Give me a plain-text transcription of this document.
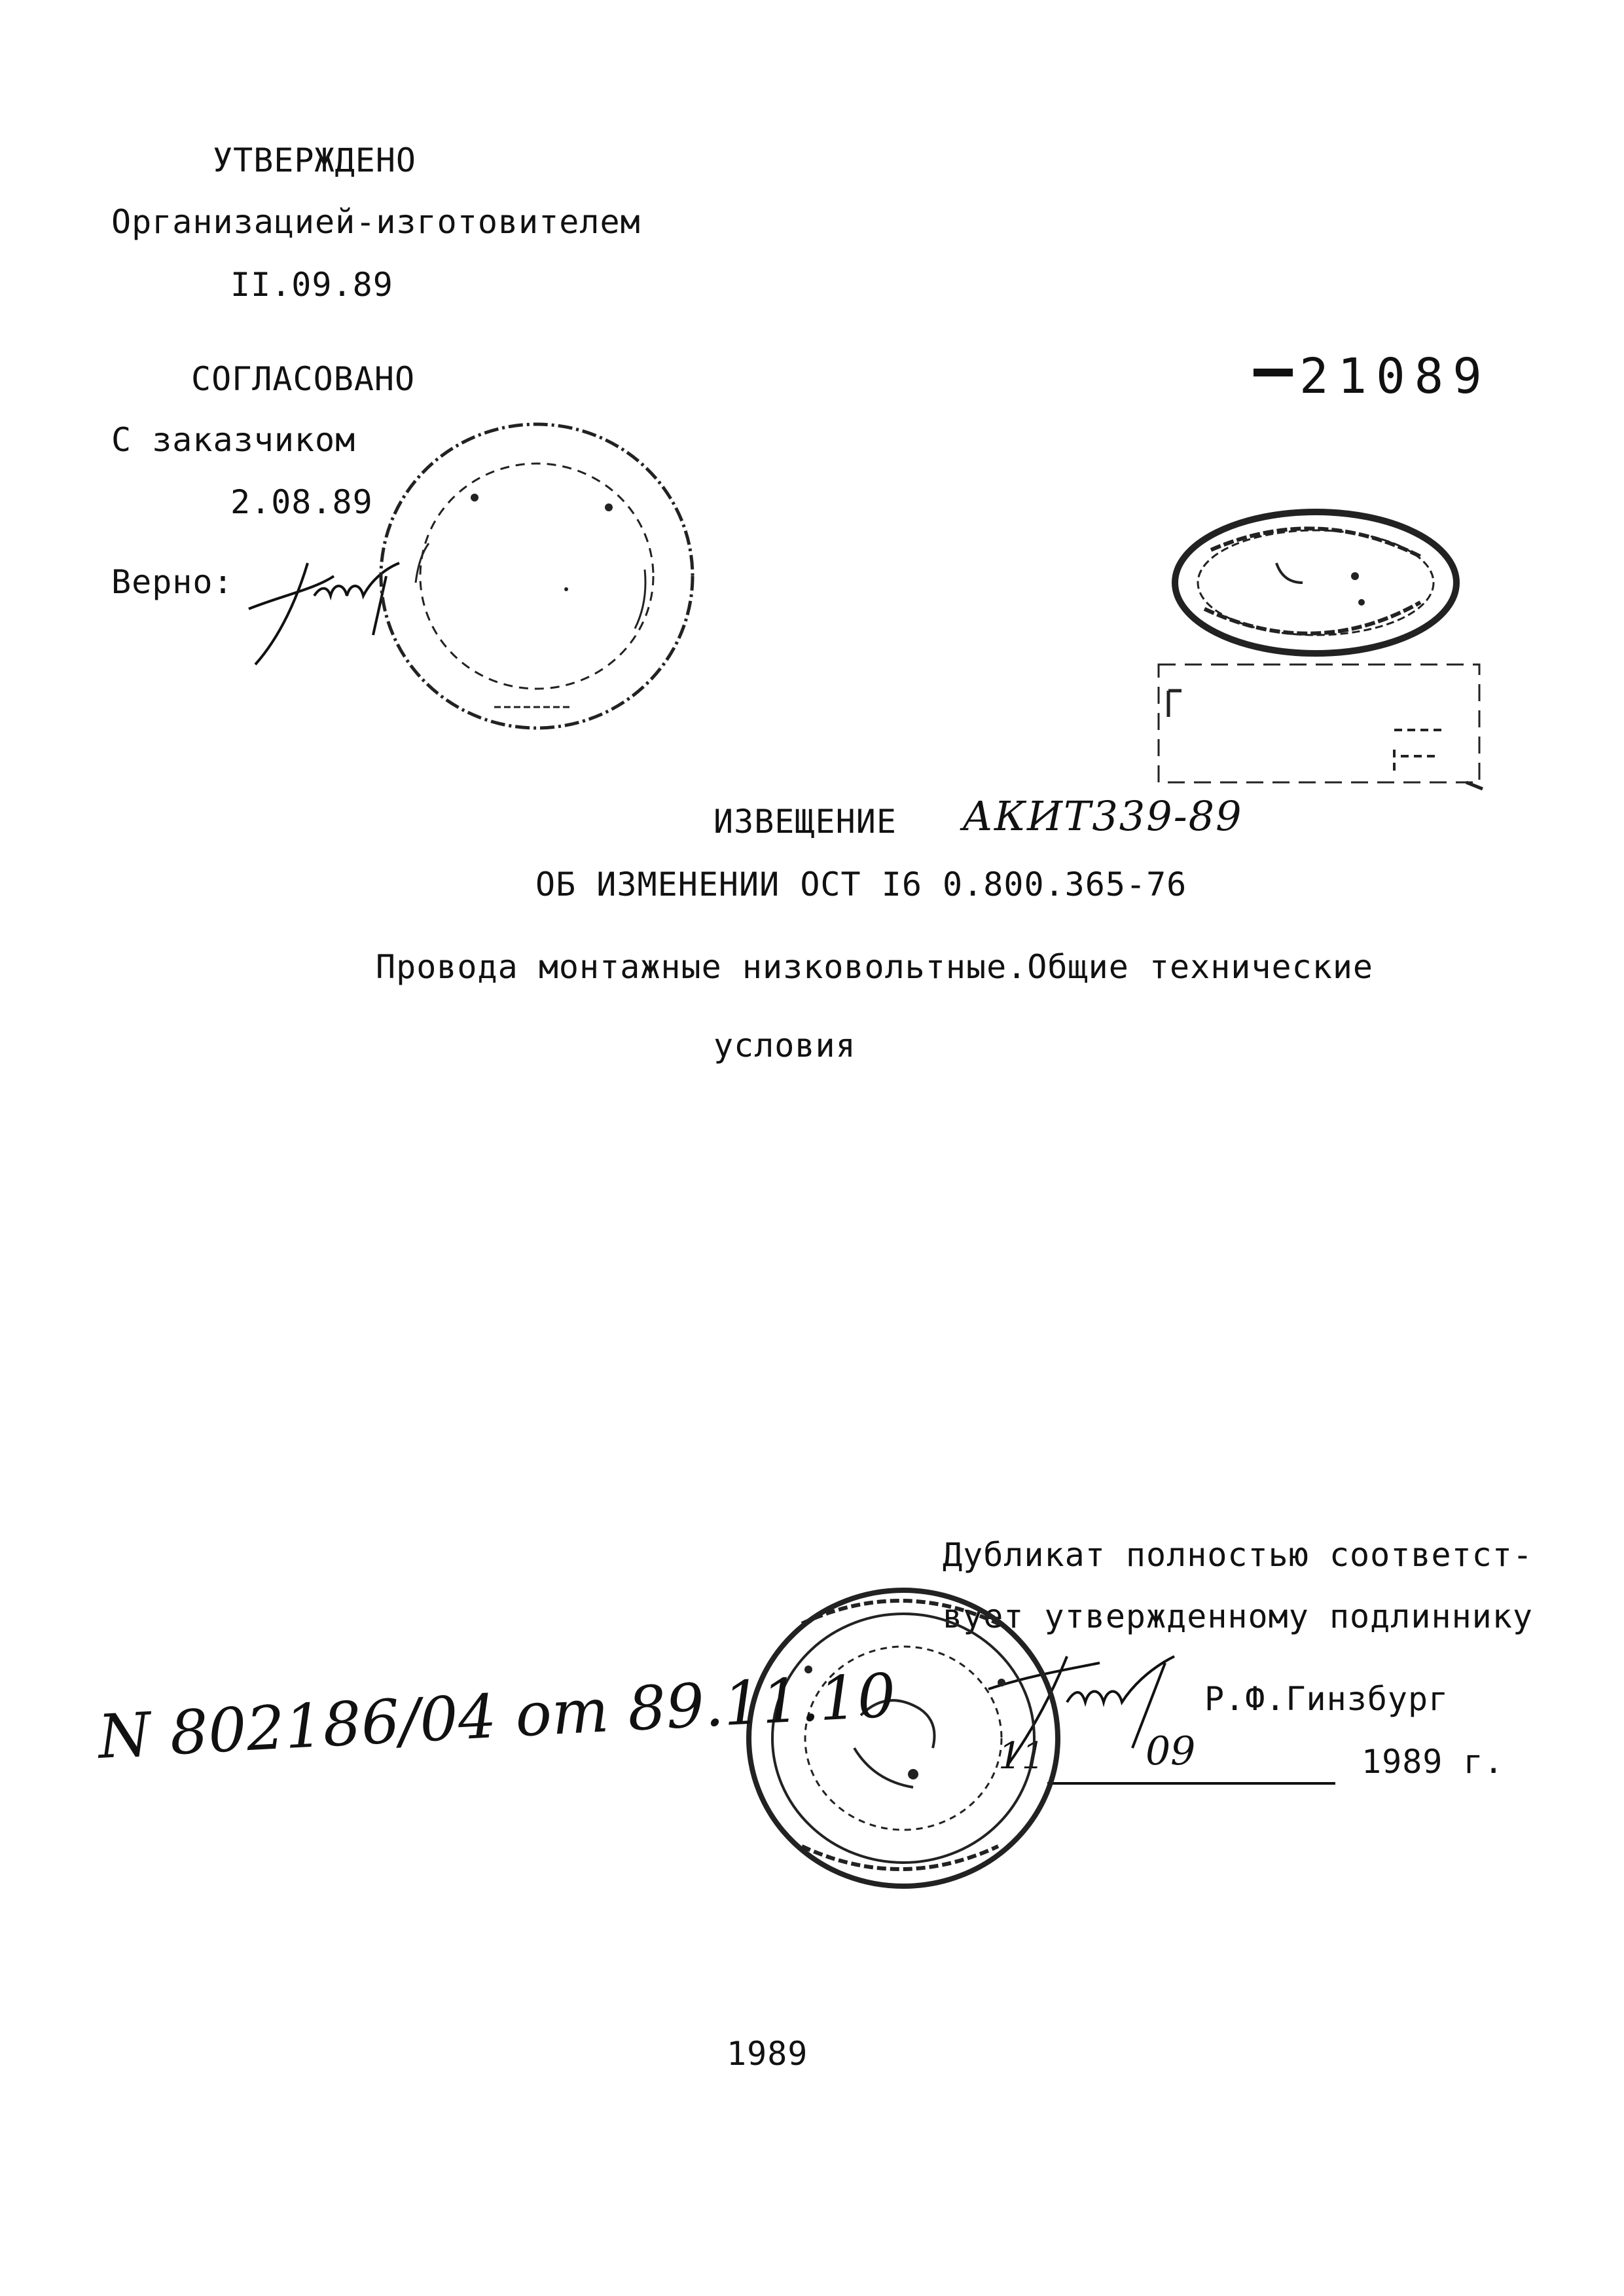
УТВЕРЖДЕНО
Организацией-изготовителем
II.09.89
СОГЛАСОВАНО
С заказчиком
2.08.89
Верно:
21089
ИЗВЕЩЕНИЕ АКИТ339-89
ОБ ИЗМЕНЕНИИ ОСТ I6 0.800.365-76
Провода монтажные низковольтные.Общие технические
условия
Дубликат полностью соответст-
вует утвержденному подлиннику
Р.Ф.Гинзбург
11	09	1989 г.
N 802186/04 от 89.11.10
1989
